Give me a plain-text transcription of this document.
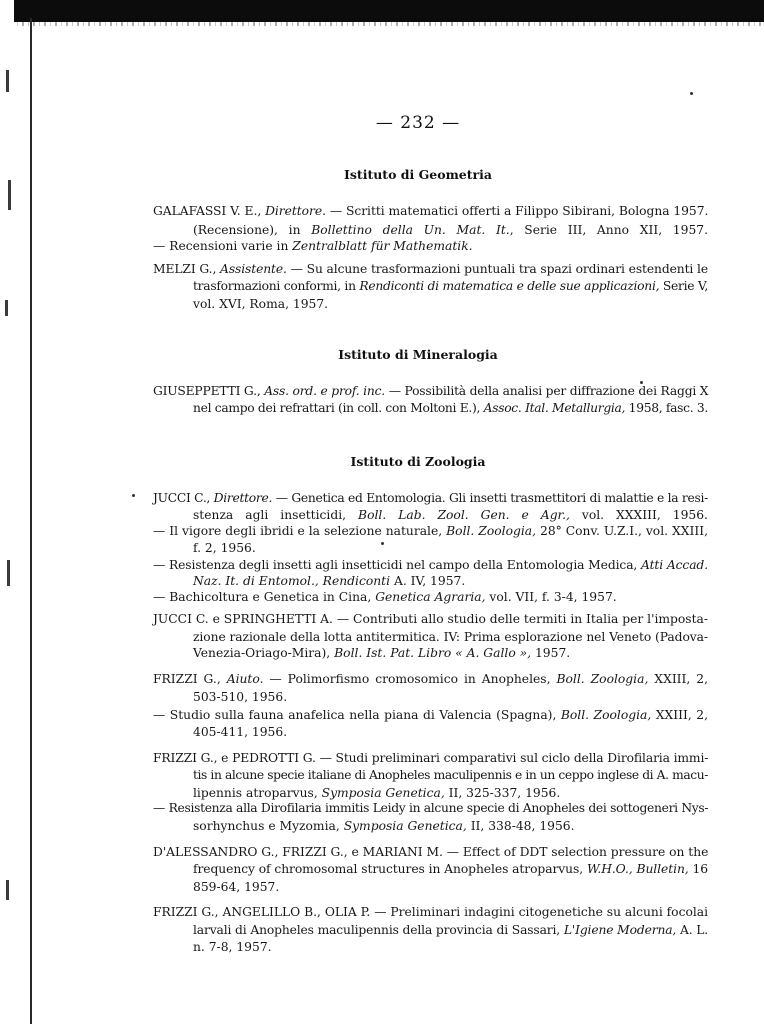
— 232 —
Istituto di Geometria
Istituto di Mineralogia
Istituto di Zoologia
GALAFASSI V. E., Direttore. — Scritti matematici offerti a Filippo Sibirani, Bologna 1957.
(Recensione), in Bollettino della Un. Mat. It., Serie III, Anno XII, 1957.
— Recensioni varie in Zentralblatt für Mathematik.
MELZI G., Assistente. — Su alcune trasformazioni puntuali tra spazi ordinari estendenti le
trasformazioni conformi, in Rendiconti di matematica e delle sue applicazioni, Serie V,
vol. XVI, Roma, 1957.
GIUSEPPETTI G., Ass. ord. e prof. inc. — Possibilità della analisi per diffrazione dei Raggi X
nel campo dei refrattari (in coll. con Moltoni E.), Assoc. Ital. Metallurgia, 1958, fasc. 3.
JUCCI C., Direttore. — Genetica ed Entomologia. Gli insetti trasmettitori di malattie e la resi-
stenza agli insetticidi, Boll. Lab. Zool. Gen. e Agr., vol. XXXIII, 1956.
— Il vigore degli ibridi e la selezione naturale, Boll. Zoologia, 28° Conv. U.Z.I., vol. XXIII,
f. 2, 1956.
— Resistenza degli insetti agli insetticidi nel campo della Entomologia Medica, Atti Accad.
Naz. It. di Entomol., Rendiconti A. IV, 1957.
— Bachicoltura e Genetica in Cina, Genetica Agraria, vol. VII, f. 3-4, 1957.
JUCCI C. e SPRINGHETTI A. — Contributi allo studio delle termiti in Italia per l'imposta-
zione razionale della lotta antitermitica. IV: Prima esplorazione nel Veneto (Padova-
Venezia-Oriago-Mira), Boll. Ist. Pat. Libro « A. Gallo », 1957.
FRIZZI G., Aiuto. — Polimorfismo cromosomico in Anopheles, Boll. Zoologia, XXIII, 2,
503-510, 1956.
— Studio sulla fauna anafelica nella piana di Valencia (Spagna), Boll. Zoologia, XXIII, 2,
405-411, 1956.
FRIZZI G., e PEDROTTI G. — Studi preliminari comparativi sul ciclo della Dirofilaria immi-
tis in alcune specie italiane di Anopheles maculipennis e in un ceppo inglese di A. macu-
lipennis atroparvus, Symposia Genetica, II, 325-337, 1956.
— Resistenza alla Dirofilaria immitis Leidy in alcune specie di Anopheles dei sottogeneri Nys-
sorhynchus e Myzomia, Symposia Genetica, II, 338-48, 1956.
D'ALESSANDRO G., FRIZZI G., e MARIANI M. — Effect of DDT selection pressure on the
frequency of chromosomal structures in Anopheles atroparvus, W.H.O., Bulletin, 16
859-64, 1957.
FRIZZI G., ANGELILLO B., OLIA P. — Preliminari indagini citogenetiche su alcuni focolai
larvali di Anopheles maculipennis della provincia di Sassari, L'Igiene Moderna, A. L.
n. 7-8, 1957.
